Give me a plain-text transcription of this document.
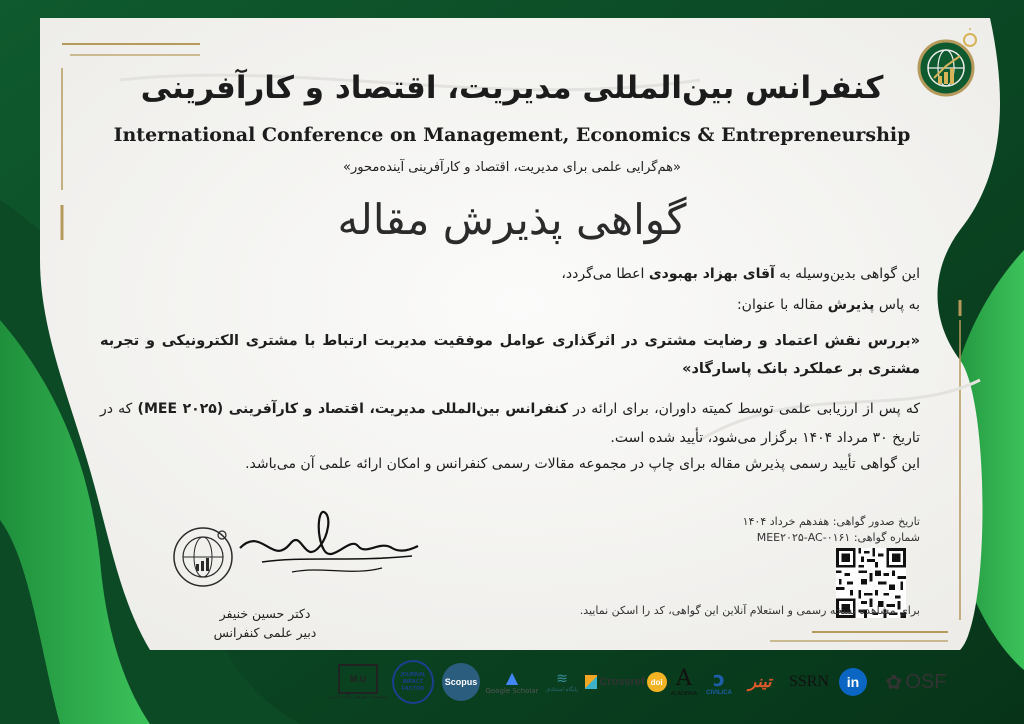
کنفرانس بین‌المللی مدیریت، اقتصاد و کارآفرینی
International Conference on Management, Economics & Entrepreneurship
«هم‌گرایی علمی برای مدیریت، اقتصاد و کارآفرینی آینده‌محور»
گواهی پذیرش مقاله
این گواهی بدین‌وسیله به آقای بهزاد بهبودی اعطا می‌گردد،
به پاس پذیرش مقاله با عنوان:
«بررس نقش اعتماد و رضایت مشتری در اثرگذاری عوامل موفقیت مدیریت ارتباط با مشتری الکترونیکی و تجربه مشتری بر عملکرد بانک پاسارگاد»
که پس از ارزیابی علمی توسط کمیته داوران، برای ارائه در کنفرانس بین‌المللی مدیریت، اقتصاد و کارآفرینی (MEE ۲۰۲۵) که در تاریخ ۳۰ مرداد ۱۴۰۴ برگزار می‌شود، تأیید شده است.
این گواهی تأیید رسمی پذیرش مقاله برای چاپ در مجموعه مقالات رسمی کنفرانس و امکان ارائه علمی آن می‌باشد.
تاریخ صدور گواهی: هفدهم خرداد ۱۴۰۴
شماره گواهی: MEE۲۰۲۵-AC-۰۱۶۱
برای مشاهده نسخه رسمی و استعلام آنلاین این گواهی، کد را اسکن نمایید.
دکتر حسین خنیفر
دبیر علمی کنفرانس
M.U
مؤسسه آموزش عالی مازیار
JOURNAL IMPACT FACTOR
Scopus ▲
Google Scholar
≋
پایگاه استنادی
Crossref doi A
ACADEMIA
ↄ
CIVILICA
تینر SSRN in ✿ OSF
